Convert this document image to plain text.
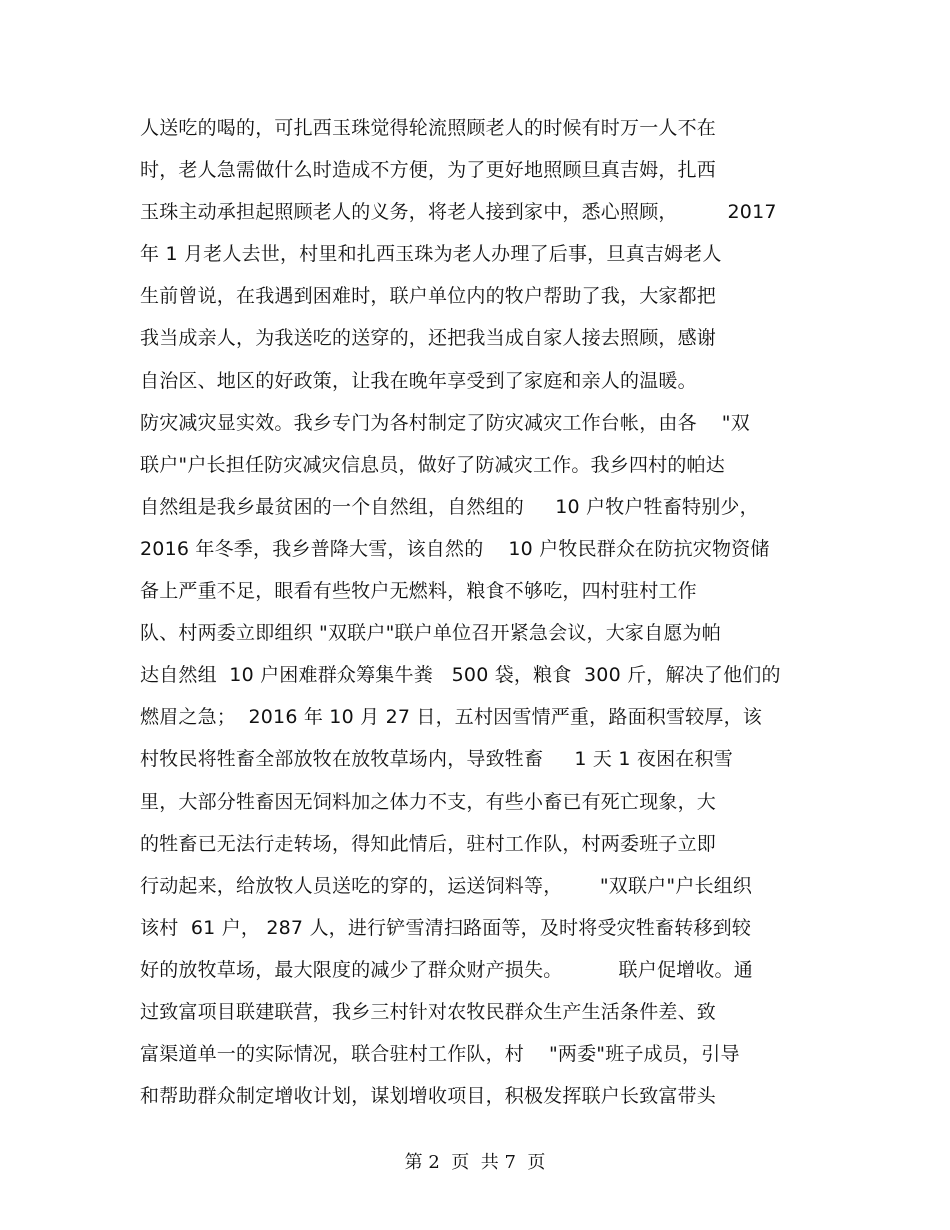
人送吃的喝的，可扎西玉珠觉得轮流照顾老人的时候有时万一人不在
时，老人急需做什么时造成不方便，为了更好地照顾旦真吉姆，扎西
玉珠主动承担起照顾老人的义务，将老人接到家中，悉心照顾，        2017
年 1 月老人去世，村里和扎西玉珠为老人办理了后事，旦真吉姆老人
生前曾说，在我遇到困难时，联户单位内的牧户帮助了我，大家都把
我当成亲人，为我送吃的送穿的，还把我当成自家人接去照顾，感谢
自治区、地区的好政策，让我在晚年享受到了家庭和亲人的温暖。
防灾减灾显实效。我乡专门为各村制定了防灾减灾工作台帐，由各    "双
联户"户长担任防灾减灾信息员，做好了防减灾工作。我乡四村的帕达
自然组是我乡最贫困的一个自然组，自然组的     10 户牧户牲畜特别少，
2016 年冬季，我乡普降大雪，该自然的    10 户牧民群众在防抗灾物资储
备上严重不足，眼看有些牧户无燃料，粮食不够吃，四村驻村工作
队、村两委立即组织 "双联户"联户单位召开紧急会议，大家自愿为帕
达自然组  10 户困难群众筹集牛粪   500 袋，粮食  300 斤，解决了他们的
燃眉之急；  2016 年 10 月 27 日，五村因雪情严重，路面积雪较厚，该
村牧民将牲畜全部放牧在放牧草场内，导致牲畜     1 天 1 夜困在积雪
里，大部分牲畜因无饲料加之体力不支，有些小畜已有死亡现象，大
的牲畜已无法行走转场，得知此情后，驻村工作队，村两委班子立即
行动起来，给放牧人员送吃的穿的，运送饲料等，      "双联户"户长组织
该村  61 户， 287 人，进行铲雪清扫路面等，及时将受灾牲畜转移到较
好的放牧草场，最大限度的减少了群众财产损失。         联户促增收。通
过致富项目联建联营，我乡三村针对农牧民群众生产生活条件差、致
富渠道单一的实际情况，联合驻村工作队，村    "两委"班子成员，引导
和帮助群众制定增收计划，谋划增收项目，积极发挥联户长致富带头
第 2  页  共 7  页
